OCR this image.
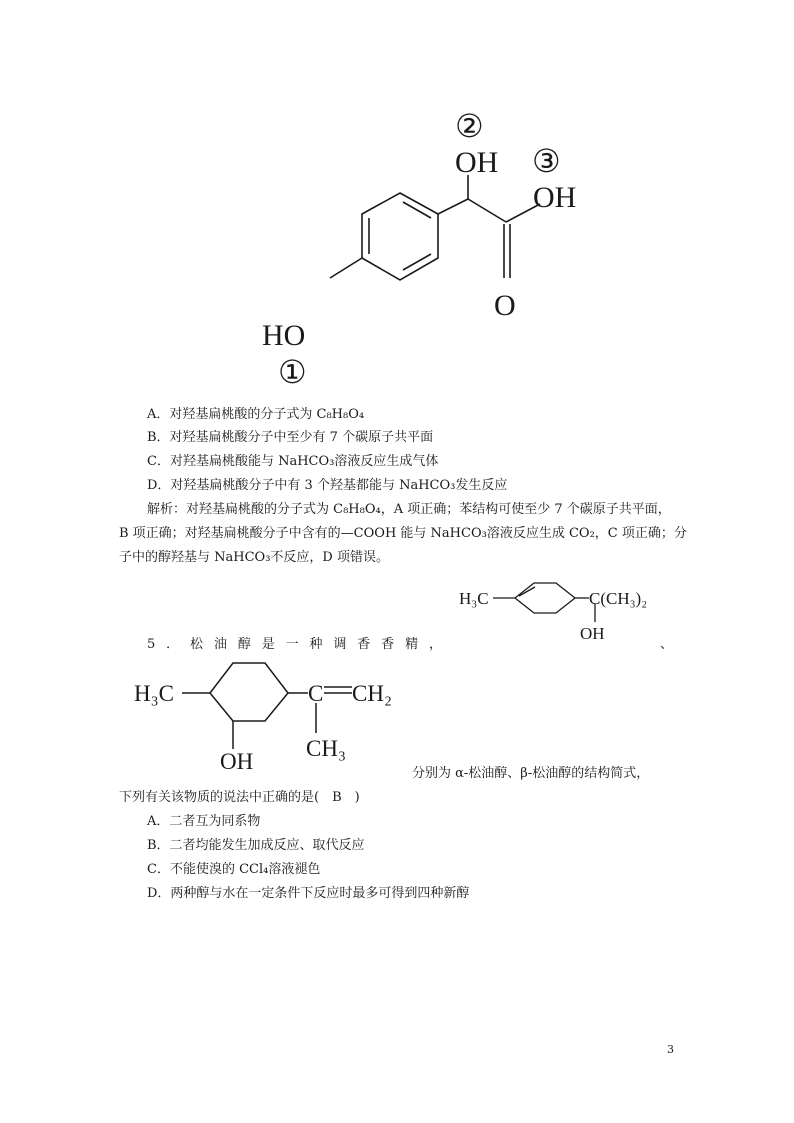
②
OH ③
OH
O
HO
①
A．对羟基扁桃酸的分子式为 C₈H₈O₄
B．对羟基扁桃酸分子中至少有 7 个碳原子共平面
C．对羟基扁桃酸能与 NaHCO₃溶液反应生成气体
D．对羟基扁桃酸分子中有 3 个羟基都能与 NaHCO₃发生反应
解析：对羟基扁桃酸的分子式为 C₈H₈O₄，A 项正确；苯结构可使至少 7 个碳原子共平面，
B 项正确；对羟基扁桃酸分子中含有的—COOH 能与 NaHCO₃溶液反应生成 CO₂，C 项正确；分
子中的醇羟基与 NaHCO₃不反应，D 项错误。
H₃C	C(CH₃)₂
OH
5 ． 松 油 醇 是 一 种 调 香 香 精 ，	、
H₃C	C CH₂
CH₃
OH	分别为 α-松油醇、β-松油醇的结构简式，
下列有关该物质的说法中正确的是(　B　)
A．二者互为同系物
B．二者均能发生加成反应、取代反应
C．不能使溴的 CCl₄溶液褪色
D．两种醇与水在一定条件下反应时最多可得到四种新醇
3
